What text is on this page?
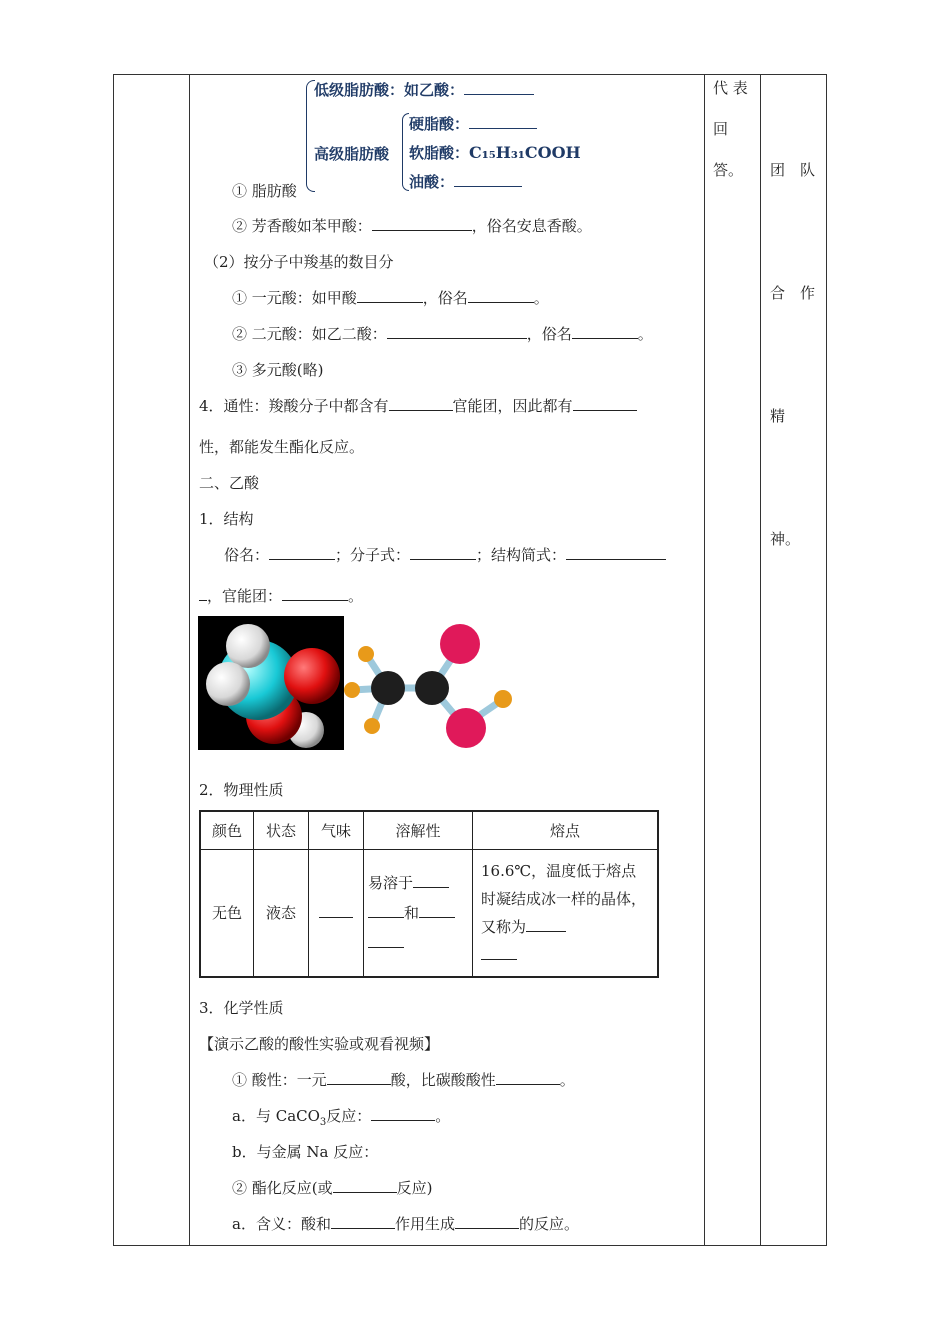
代 表
回
答。

	团　队

合　作

精

神。

低级脂肪酸：如乙酸：
高级脂肪酸
硬脂酸：
软脂酸：C₁₅H₃₁COOH
油酸：
① 脂肪酸
② 芳香酸如苯甲酸：	，俗名安息香酸。
（2）按分子中羧基的数目分
① 一元酸：如甲酸	，俗名	。
② 二元酸：如乙二酸：	，俗名	。
③ 多元酸(略)
4．通性：羧酸分子中都含有	官能团，因此都有
性，都能发生酯化反应。
二、乙酸
1．结构
俗名：	；分子式：	；结构简式：
，官能团：	。
2．物理性质
颜色	状态	气味	溶解性	熔点
无色	液态		易溶于
和	16.6℃，温度低于熔点时凝结成冰一样的晶体，又称为

3．化学性质
【演示乙酸的酸性实验或观看视频】
① 酸性：一元	酸，比碳酸酸性	。
a．与 CaCO$_3$反应：	。
b．与金属 Na 反应：
② 酯化反应(或	反应)
a．含义：酸和	作用生成	的反应。
